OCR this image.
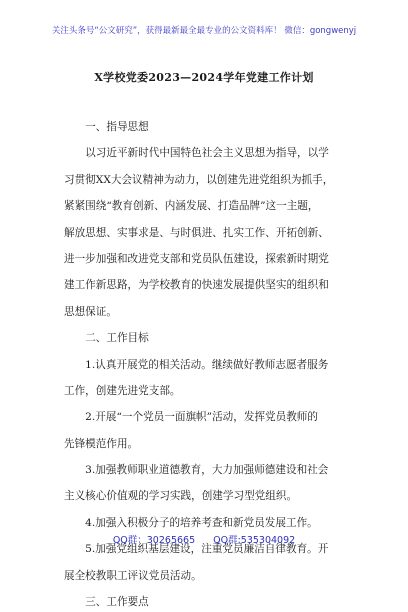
关注头条号“公文研究”，获得最新最全最专业的公文资料库！ 微信：gongwenyj
X学校党委2023—2024学年党建工作计划
　　一、指导思想
　　以习近平新时代中国特色社会主义思想为指导，以学
习贯彻XX大会议精神为动力，以创建先进党组织为抓手，
紧紧围绕“教育创新、内涵发展、打造品牌”这一主题，
解放思想、实事求是、与时俱进、扎实工作、开拓创新、
进一步加强和改进党支部和党员队伍建设，探索新时期党
建工作新思路，为学校教育的快速发展提供坚实的组织和
思想保证。
　　二、工作目标
　　1.认真开展党的相关活动。继续做好教师志愿者服务
工作，创建先进党支部。
　　2.开展“一个党员一面旗帜”活动，发挥党员教师的
先锋模范作用。
　　3.加强教师职业道德教育，大力加强师德建设和社会
主义核心价值观的学习实践，创建学习型党组织。
　　4.加强入积极分子的培养考查和新党员发展工作。
　　5.加强党组织基层建设，注重党员廉洁自律教育。开
展全校教职工评议党员活动。
　　三、工作要点
QQ群：30265665 QQ群:535304092
